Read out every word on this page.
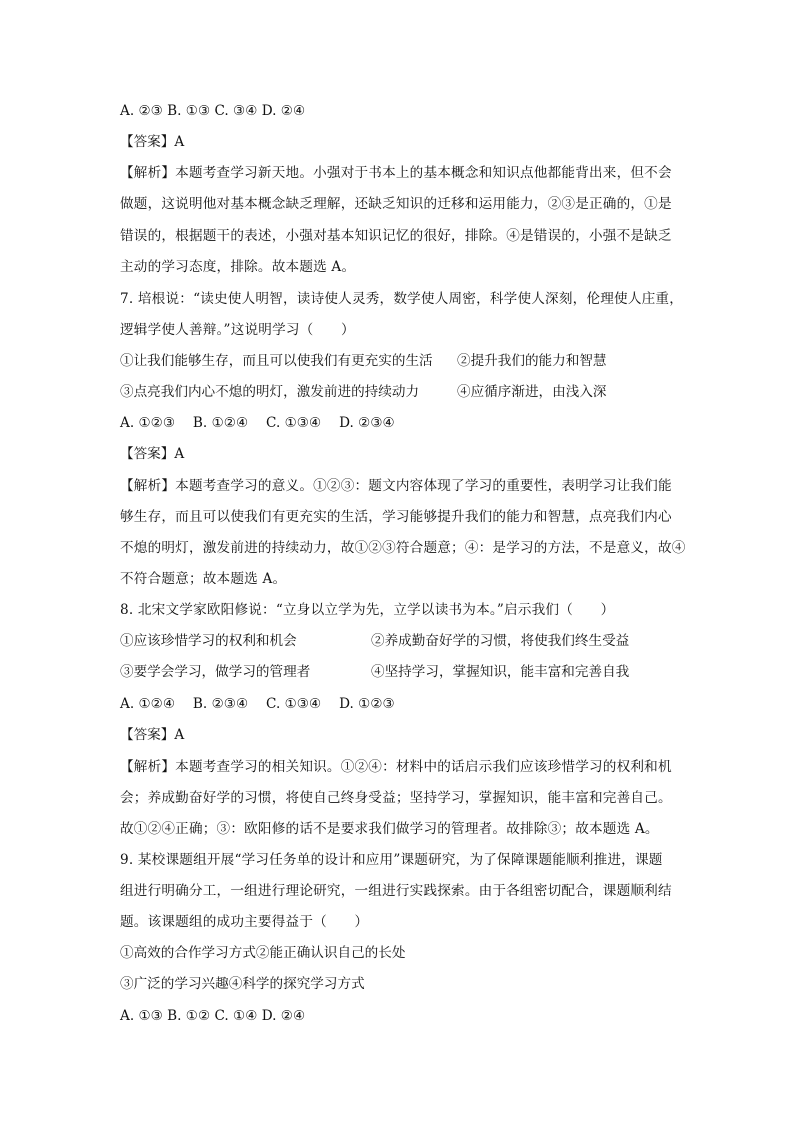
A. ②③ B. ①③ C. ③④ D. ②④
【答案】A
【解析】本题考查学习新天地。小强对于书本上的基本概念和知识点他都能背出来，但不会
做题，这说明他对基本概念缺乏理解，还缺乏知识的迁移和运用能力，②③是正确的，①是
错误的，根据题干的表述，小强对基本知识记忆的很好，排除。④是错误的，小强不是缺乏
主动的学习态度，排除。故本题选 A。
7. 培根说：“读史使人明智，读诗使人灵秀，数学使人周密，科学使人深刻，伦理使人庄重，
逻辑学使人善辩。”这说明学习（　　）
①让我们能够生存，而且可以使我们有更充实的生活 ②提升我们的能力和智慧
③点亮我们内心不熄的明灯，激发前进的持续动力	④应循序渐进，由浅入深
A. ①②③　 B. ①②④　 C. ①③④　 D. ②③④
【答案】A
【解析】本题考查学习的意义。①②③：题文内容体现了学习的重要性，表明学习让我们能
够生存，而且可以使我们有更充实的生活，学习能够提升我们的能力和智慧，点亮我们内心
不熄的明灯，激发前进的持续动力，故①②③符合题意；④：是学习的方法，不是意义，故④
不符合题意；故本题选 A。
8. 北宋文学家欧阳修说：“立身以立学为先，立学以读书为本。”启示我们（　　）
①应该珍惜学习的权利和机会	②养成勤奋好学的习惯，将使我们终生受益
③要学会学习，做学习的管理者	④坚持学习，掌握知识，能丰富和完善自我
A. ①②④　 B. ②③④　 C. ①③④　 D. ①②③
【答案】A
【解析】本题考查学习的相关知识。①②④：材料中的话启示我们应该珍惜学习的权利和机
会；养成勤奋好学的习惯，将使自己终身受益；坚持学习，掌握知识，能丰富和完善自己。
故①②④正确；③：欧阳修的话不是要求我们做学习的管理者。故排除③；故本题选 A。
9. 某校课题组开展“学习任务单的设计和应用”课题研究，为了保障课题能顺利推进，课题
组进行明确分工，一组进行理论研究，一组进行实践探索。由于各组密切配合，课题顺利结
题。该课题组的成功主要得益于（　　）
①高效的合作学习方式②能正确认识自己的长处
③广泛的学习兴趣④科学的探究学习方式
A. ①③ B. ①② C. ①④ D. ②④
